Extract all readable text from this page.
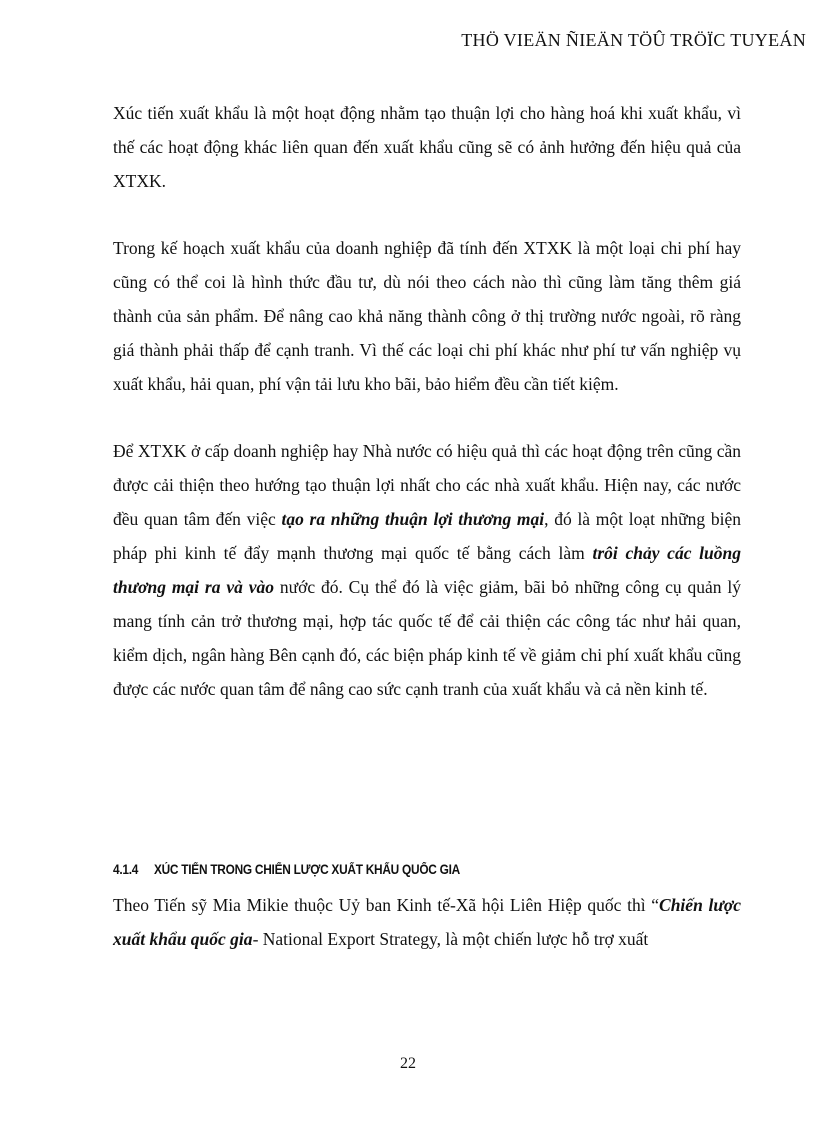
THÖ VIEÄN ÑIEÄN TÖÛ TRÖÏC TUYEÁN

Xúc tiến xuất khẩu là một hoạt động nhằm tạo thuận lợi cho hàng hoá khi xuất khẩu, vì thế các hoạt động khác liên quan đến xuất khẩu cũng sẽ có ảnh hưởng đến hiệu quả của XTXK.

Trong kế hoạch xuất khẩu của doanh nghiệp đã tính đến XTXK là một loại chi phí hay cũng có thể coi là hình thức đầu tư, dù nói theo cách nào thì cũng làm tăng thêm giá thành của sản phẩm. Để nâng cao khả năng thành công ở thị trường nước ngoài, rõ ràng giá thành phải thấp để cạnh tranh. Vì thế các loại chi phí khác như phí tư vấn nghiệp vụ xuất khẩu, hải quan, phí vận tải lưu kho bãi, bảo hiểm đều cần tiết kiệm.

Để XTXK ở cấp doanh nghiệp hay Nhà nước có hiệu quả thì các hoạt động trên cũng cần được cải thiện theo hướng tạo thuận lợi nhất cho các nhà xuất khẩu. Hiện nay, các nước đều quan tâm đến việc tạo ra những thuận lợi thương mại, đó là một loạt những biện pháp phi kinh tế đẩy mạnh thương mại quốc tế bằng cách làm trôi chảy các luồng thương mại ra và vào nước đó. Cụ thể đó là việc giảm, bãi bỏ những công cụ quản lý mang tính cản trở thương mại, hợp tác quốc tế để cải thiện các công tác như hải quan, kiểm dịch, ngân hàng Bên cạnh đó, các biện pháp kinh tế về giảm chi phí xuất khẩu cũng được các nước quan tâm để nâng cao sức cạnh tranh của xuất khẩu và cả nền kinh tế.

4.1.4 XÚC TIẾN TRONG CHIẾN LƯỢC XUẤT KHẨU QUỐC GIA

Theo Tiến sỹ Mia Mikie thuộc Uỷ ban Kinh tế-Xã hội Liên Hiệp quốc thì “Chiến lược xuất khẩu quốc gia- National Export Strategy, là một chiến lược hỗ trợ xuất

22
